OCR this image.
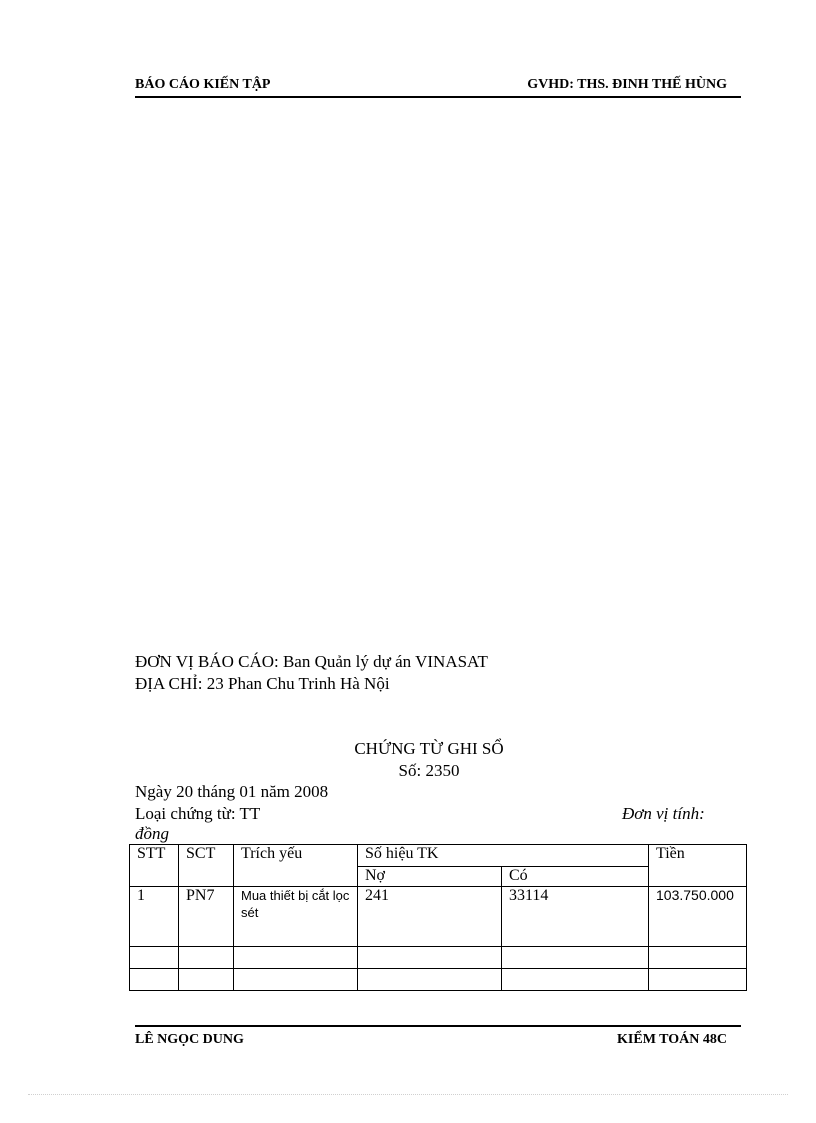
BÁO CÁO KIẾN TẬP	GVHD: THS. ĐINH THẾ HÙNG
ĐƠN VỊ BÁO CÁO: Ban Quản lý dự án VINASAT
ĐỊA CHỈ: 23 Phan Chu Trinh Hà Nội
CHỨNG TỪ GHI SỔ
Số: 2350
Ngày 20 tháng 01 năm 2008
Loại chứng từ: TT	Đơn vị tính:
đồng
STT	SCT	Trích yếu	Số hiệu TK		Tiền
			Nợ	Có	
1	PN7	Mua thiết bị cắt lọc sét	241	33114	103.750.000

LÊ NGỌC DUNG	KIỂM TOÁN 48C
